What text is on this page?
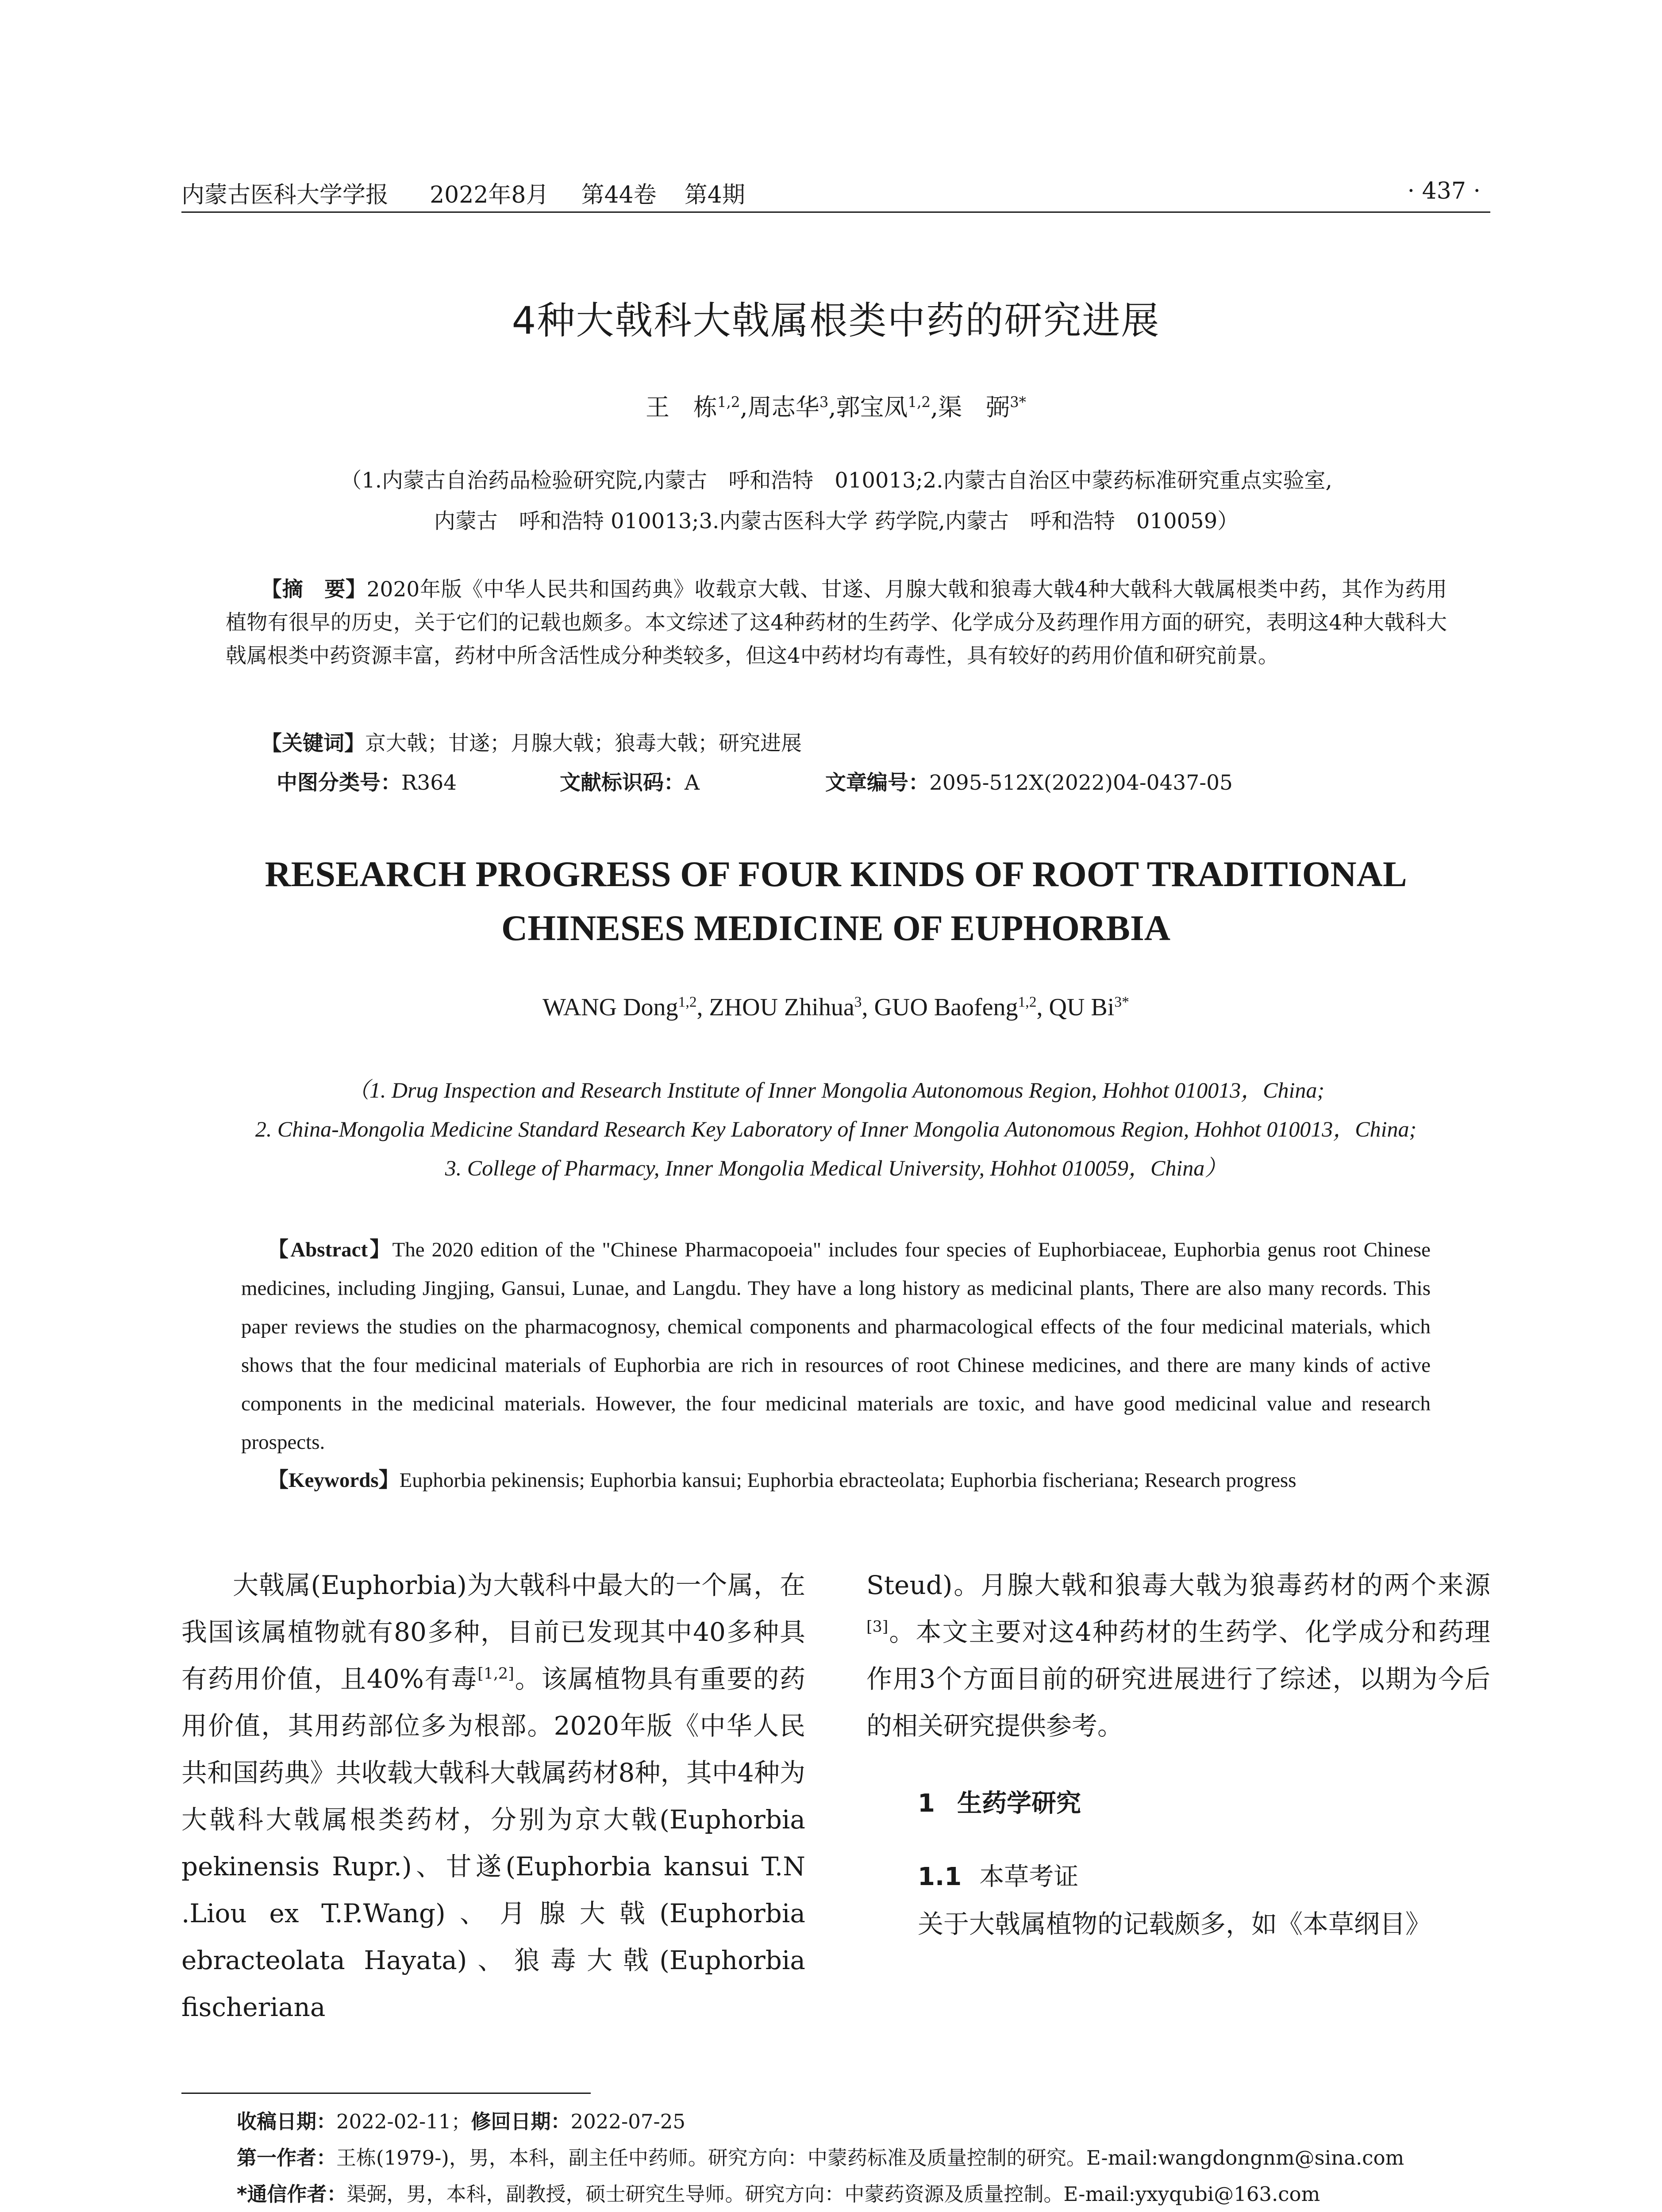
内蒙古医科大学学报 2022年8月 第44卷 第4期	· 437 ·
4种大戟科大戟属根类中药的研究进展
王　栋$^{1,2}$,周志华$^3$,郭宝凤$^{1,2}$,渠　弼$^{3*}$
（1.内蒙古自治药品检验研究院,内蒙古　呼和浩特　010013;2.内蒙古自治区中蒙药标准研究重点实验室,
内蒙古　呼和浩特 010013;3.内蒙古医科大学 药学院,内蒙古　呼和浩特　010059）
【摘　要】2020年版《中华人民共和国药典》收载京大戟、甘遂、月腺大戟和狼毒大戟4种大戟科大戟属根类中药，其作为药用植物有很早的历史，关于它们的记载也颇多。本文综述了这4种药材的生药学、化学成分及药理作用方面的研究，表明这4种大戟科大戟属根类中药资源丰富，药材中所含活性成分种类较多，但这4中药材均有毒性，具有较好的药用价值和研究前景。
【关键词】京大戟；甘遂；月腺大戟；狼毒大戟；研究进展
中图分类号：R364	文献标识码：A	文章编号：2095-512X(2022)04-0437-05
RESEARCH PROGRESS OF FOUR KINDS OF ROOT TRADITIONAL
CHINESES MEDICINE OF EUPHORBIA
WANG Dong$^{1,2}$, ZHOU Zhihua$^3$, GUO Baofeng$^{1,2}$, QU $Bi^{3*}$
（1. Drug Inspection and Research Institute of Inner Mongolia Autonomous Region, Hohhot 010013，China;
2. China-Mongolia Medicine Standard Research Key Laboratory of Inner Mongolia Autonomous Region, Hohhot 010013，China;
3. College of Pharmacy, Inner Mongolia Medical University, Hohhot 010059，China）
【Abstract】The 2020 edition of the "Chinese Pharmacopoeia" includes four species of Euphorbiaceae, Euphorbia genus root Chinese medicines, including Jingjing, Gansui, Lunae, and Langdu. They have a long history as medicinal plants, There are also many records. This paper reviews the studies on the pharmacognosy, chemical components and pharmacological effects of the four medicinal materials, which shows that the four medicinal materials of Euphorbia are rich in resources of root Chinese medicines, and there are many kinds of active components in the medicinal materials. However, the four medicinal materials are toxic, and have good medicinal value and research prospects.
【Keywords】Euphorbia pekinensis; Euphorbia kansui; Euphorbia ebracteolata; Euphorbia fischeriana; Research progress

大戟属(Euphorbia)为大戟科中最大的一个属，在我国该属植物就有80多种，目前已发现其中40多种具有药用价值，且40%有毒[1,2]。该属植物具有重要的药用价值，其用药部位多为根部。2020年版《中华人民共和国药典》共收载大戟科大戟属药材8种，其中4种为大戟科大戟属根类药材，分别为京大戟(Euphorbia pekinensis Rupr.)、甘遂(Euphorbia kansui T.N .Liou ex T.P.Wang)、月腺大戟(Euphorbia ebracteolata Hayata)、狼毒大戟(Euphorbia fischeriana

Steud)。月腺大戟和狼毒大戟为狼毒药材的两个来源[3]。本文主要对这4种药材的生药学、化学成分和药理作用3个方面目前的研究进展进行了综述，以期为今后的相关研究提供参考。

1 生药学研究

1.1 本草考证

关于大戟属植物的记载颇多，如《本草纲目》

收稿日期：2022-02-11；修回日期：2022-07-25
第一作者：王栋(1979-)，男，本科，副主任中药师。研究方向：中蒙药标准及质量控制的研究。E-mail:wangdongnm@sina.com
*通信作者：渠弼，男，本科，副教授，硕士研究生导师。研究方向：中蒙药资源及质量控制。E-mail:yxyqubi@163.com
